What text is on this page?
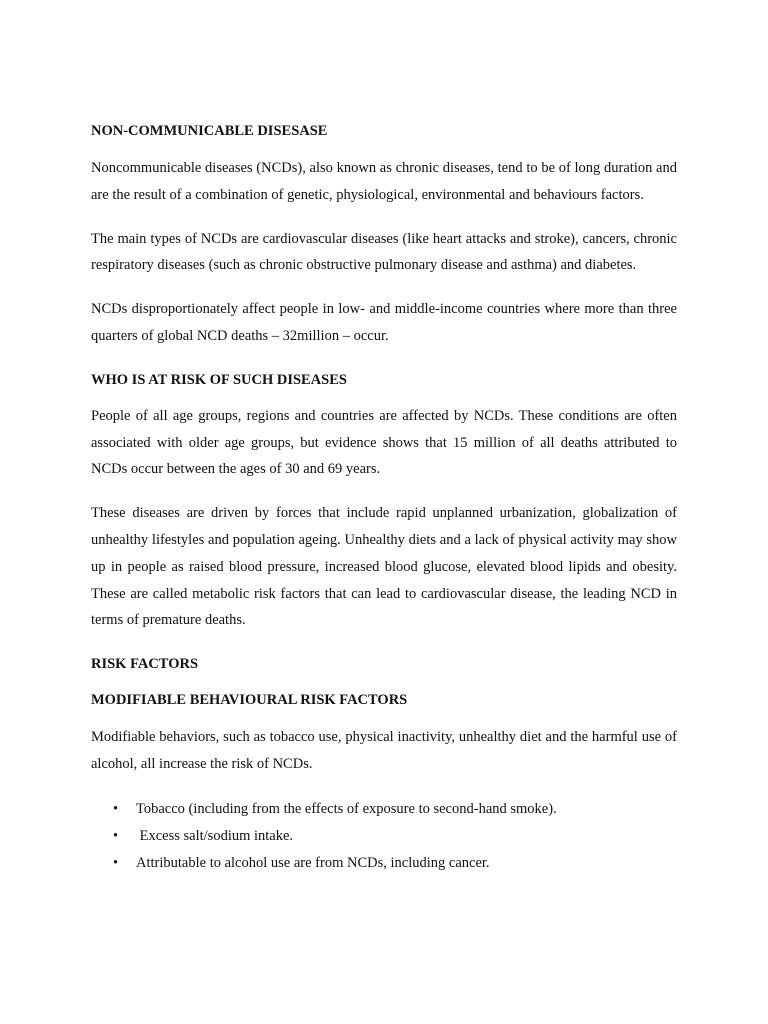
NON-COMMUNICABLE DISESASE

Noncommunicable diseases (NCDs), also known as chronic diseases, tend to be of long duration and are the result of a combination of genetic, physiological, environmental and behaviours factors.

The main types of NCDs are cardiovascular diseases (like heart attacks and stroke), cancers, chronic respiratory diseases (such as chronic obstructive pulmonary disease and asthma) and diabetes.

NCDs disproportionately affect people in low- and middle-income countries where more than three quarters of global NCD deaths – 32million – occur.

WHO IS AT RISK OF SUCH DISEASES

People of all age groups, regions and countries are affected by NCDs. These conditions are often associated with older age groups, but evidence shows that 15 million of all deaths attributed to NCDs occur between the ages of 30 and 69 years.

These diseases are driven by forces that include rapid unplanned urbanization, globalization of unhealthy lifestyles and population ageing. Unhealthy diets and a lack of physical activity may show up in people as raised blood pressure, increased blood glucose, elevated blood lipids and obesity. These are called metabolic risk factors that can lead to cardiovascular disease, the leading NCD in terms of premature deaths.

RISK FACTORS

MODIFIABLE BEHAVIOURAL RISK FACTORS

Modifiable behaviors, such as tobacco use, physical inactivity, unhealthy diet and the harmful use of alcohol, all increase the risk of NCDs.

• Tobacco (including from the effects of exposure to second-hand smoke).
• Excess salt/sodium intake.
• Attributable to alcohol use are from NCDs, including cancer.
